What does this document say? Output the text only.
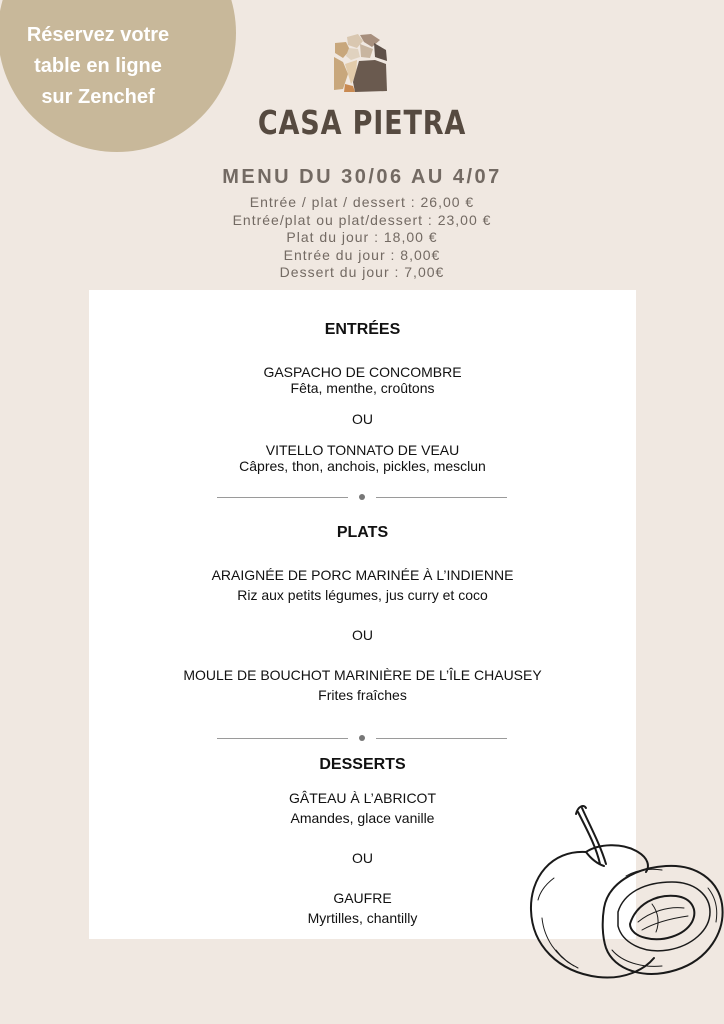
Réservez votre
table en ligne
sur Zenchef
CASA PIETRA
MENU DU 30/06 AU 4/07
Entrée / plat / dessert : 26,00 €
Entrée/plat ou plat/dessert : 23,00 €
Plat du jour : 18,00 €
Entrée du jour : 8,00€
Dessert du jour : 7,00€
ENTRÉES
GASPACHO DE CONCOMBRE
Fêta, menthe, croûtons
OU
VITELLO TONNATO DE VEAU
Câpres, thon, anchois, pickles, mesclun
PLATS
ARAIGNÉE DE PORC MARINÉE À L’INDIENNE
Riz aux petits légumes, jus curry et coco
OU
MOULE DE BOUCHOT MARINIÈRE DE L’ÎLE CHAUSEY
Frites fraîches
DESSERTS
GÂTEAU À L’ABRICOT
Amandes, glace vanille
OU
GAUFRE
Myrtilles, chantilly
